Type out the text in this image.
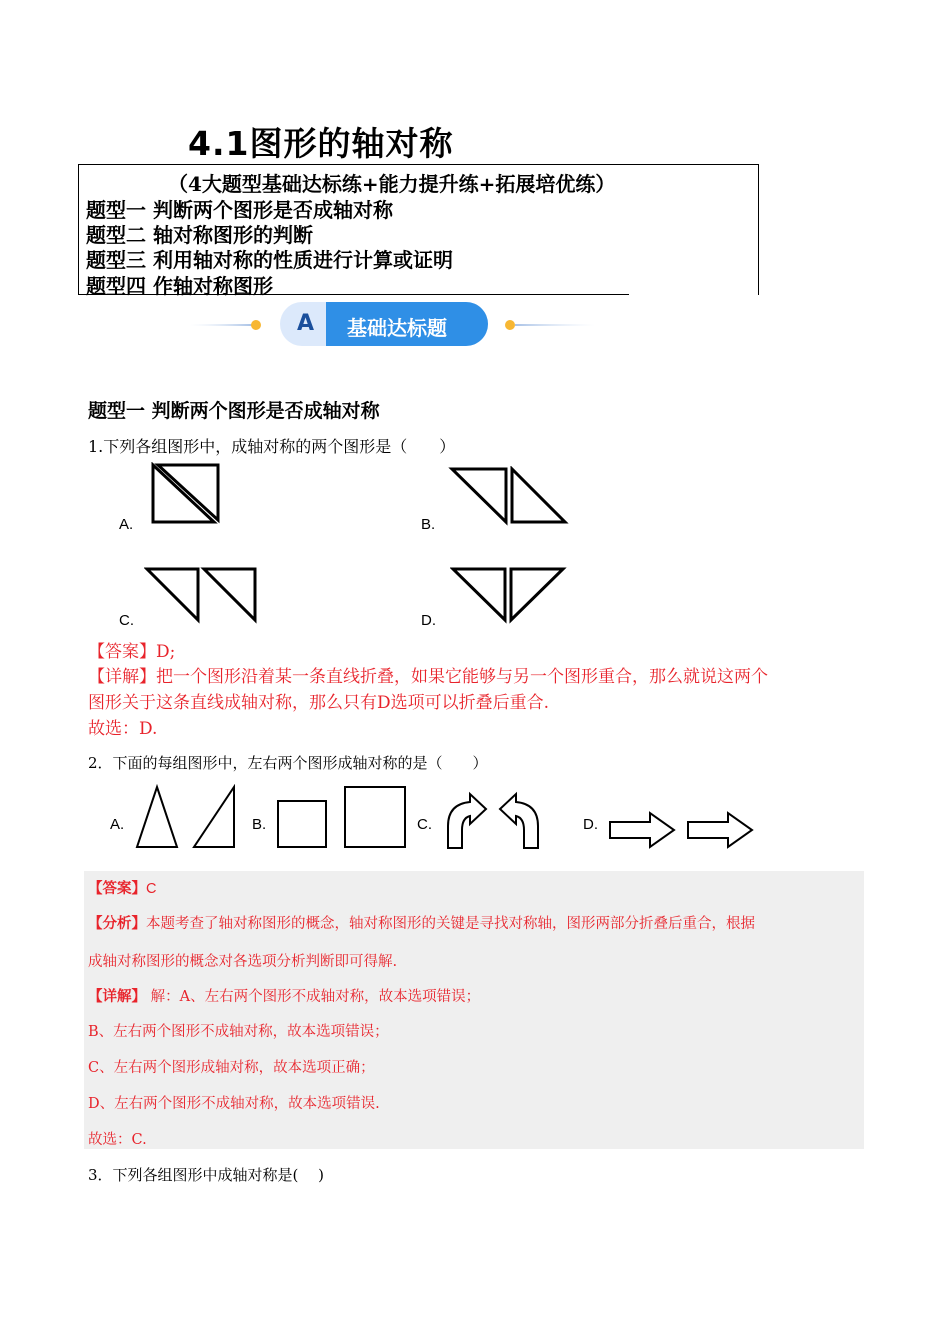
4.1图形的轴对称
（4大题型基础达标练+能力提升练+拓展培优练）
题型一 判断两个图形是否成轴对称
题型二 轴对称图形的判断
题型三 利用轴对称的性质进行计算或证明
题型四 作轴对称图形
A 基础达标题
题型一 判断两个图形是否成轴对称
1.下列各组图形中，成轴对称的两个图形是（　　）
A.	B.
C.	D.
【答案】D;
【详解】把一个图形沿着某一条直线折叠，如果它能够与另一个图形重合，那么就说这两个
图形关于这条直线成轴对称，那么只有D选项可以折叠后重合.
故选：D.
2．下面的每组图形中，左右两个图形成轴对称的是（　　）
A.	B.	C.	D.
【答案】C
【分析】本题考查了轴对称图形的概念，轴对称图形的关键是寻找对称轴，图形两部分折叠后重合，根据
成轴对称图形的概念对各选项分析判断即可得解.
【详解】 解：A、左右两个图形不成轴对称，故本选项错误；
B、左右两个图形不成轴对称，故本选项错误；
C、左右两个图形成轴对称，故本选项正确；
D、左右两个图形不成轴对称，故本选项错误.
故选：C.
3．下列各组图形中成轴对称是(　 )
